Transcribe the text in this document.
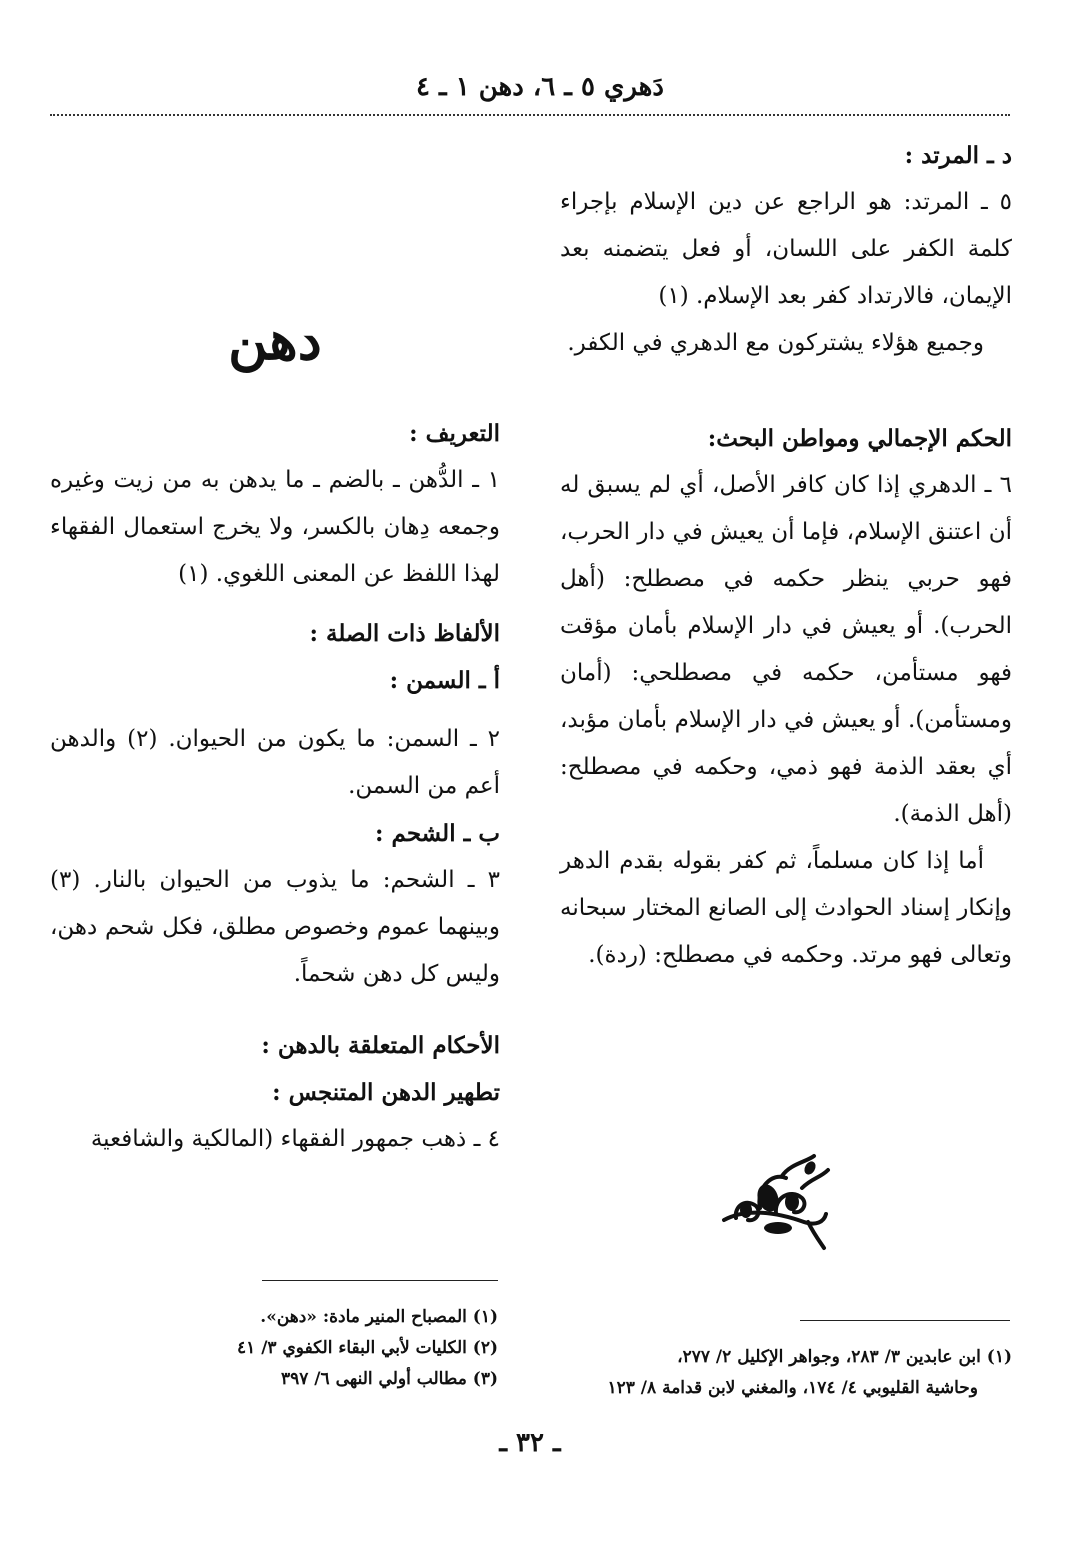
دَهري ٥ ـ ٦، دهن ١ ـ ٤
د ـ المرتد :

٥ ـ المرتد: هو الراجع عن دين الإسلام بإجراء كلمة الكفر على اللسان، أو فعل يتضمنه بعد الإيمان، فالارتداد كفر بعد الإسلام. (١)

وجميع هؤلاء يشتركون مع الدهري في الكفر.

الحكم الإجمالي ومواطن البحث:

٦ ـ الدهري إذا كان كافر الأصل، أي لم يسبق له أن اعتنق الإسلام، فإما أن يعيش في دار الحرب، فهو حربي ينظر حكمه في مصطلح: (أهل الحرب). أو يعيش في دار الإسلام بأمان مؤقت فهو مستأمن، حكمه في مصطلحي: (أمان ومستأمن). أو يعيش في دار الإسلام بأمان مؤبد، أي بعقد الذمة فهو ذمي، وحكمه في مصطلح: (أهل الذمة).

أما إذا كان مسلماً، ثم كفر بقوله بقدم الدهر وإنكار إسناد الحوادث إلى الصانع المختار سبحانه وتعالى فهو مرتد. وحكمه في مصطلح: (ردة).

دهن
التعريف :

١ ـ الدُّهن ـ بالضم ـ ما يدهن به من زيت وغيره وجمعه دِهان بالكسر، ولا يخرج استعمال الفقهاء لهذا اللفظ عن المعنى اللغوي. (١)

الألفاظ ذات الصلة :
أ ـ السمن :

٢ ـ السمن: ما يكون من الحيوان. (٢) والدهن أعم من السمن.

ب ـ الشحم :

٣ ـ الشحم: ما يذوب من الحيوان بالنار. (٣) وبينهما عموم وخصوص مطلق، فكل شحم دهن، وليس كل دهن شحماً.

الأحكام المتعلقة بالدهن :
تطهير الدهن المتنجس :

٤ ـ ذهب جمهور الفقهاء (المالكية والشافعية

(١) ابن عابدين ٣/ ٢٨٣، وجواهر الإكليل ٢/ ٢٧٧،
وحاشية القليوبي ٤/ ١٧٤، والمغني لابن قدامة ٨/ ١٢٣
(١) المصباح المنير مادة: «دهن».
(٢) الكليات لأبي البقاء الكفوي ٣/ ٤١
(٣) مطالب أولي النهى ٦/ ٣٩٧
ـ ٣٢ ـ
